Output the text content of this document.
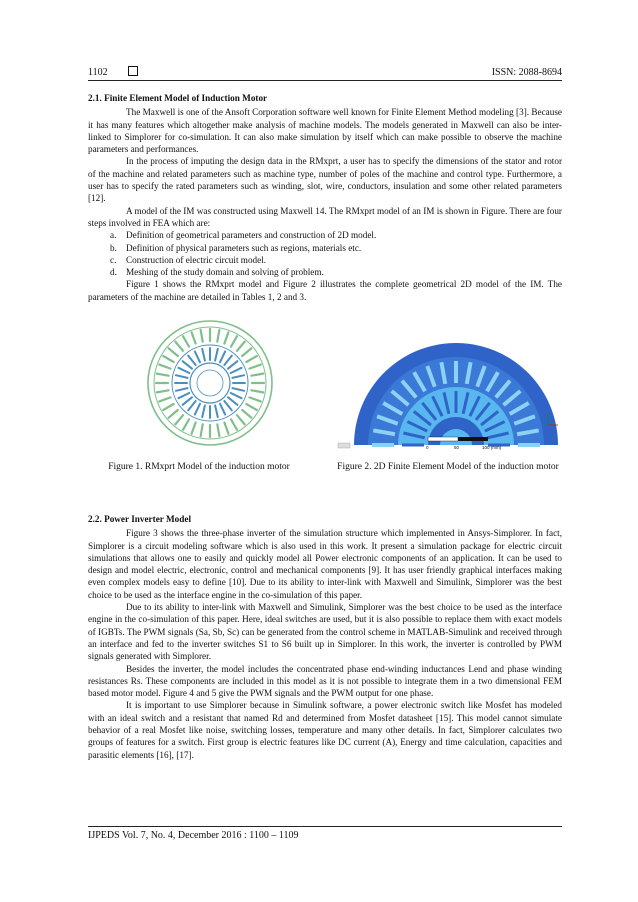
1102	ISSN: 2088-8694
2.1. Finite Element Model of Induction Motor

The Maxwell is one of the Ansoft Corporation software well known for Finite Element Method modeling [3]. Because it has many features which altogether make analysis of machine models. The models generated in Maxwell can also be inter-linked to Simplorer for co-simulation. It can also make simulation by itself which can make possible to observe the machine parameters and performances.

In the process of imputing the design data in the RMxprt, a user has to specify the dimensions of the stator and rotor of the machine and related parameters such as machine type, number of poles of the machine and control type. Furthermore, a user has to specify the rated parameters such as winding, slot, wire, conductors, insulation and some other related parameters [12].

A model of the IM was constructed using Maxwell 14. The RMxprt model of an IM is shown in Figure. There are four steps involved in FEA which are:

a. Definition of geometrical parameters and construction of 2D model.
b. Definition of physical parameters such as regions, materials etc.
c. Construction of electric circuit model.
d. Meshing of the study domain and solving of problem.

Figure 1 shows the RMxprt model and Figure 2 illustrates the complete geometrical 2D model of the IM. The parameters of the machine are detailed in Tables 1, 2 and 3.

0	50	100 (mm)
Figure 1. RMxprt Model of the induction motor	Figure 2. 2D Finite Element Model of the induction motor
2.2. Power Inverter Model

Figure 3 shows the three-phase inverter of the simulation structure which implemented in Ansys-Simplorer. In fact, Simplorer is a circuit modeling software which is also used in this work. It present a simulation package for electric circuit simulations that allows one to easily and quickly model all Power electronic components of an application. It can be used to design and model electric, electronic, control and mechanical components [9]. It has user friendly graphical interfaces making even complex models easy to define [10]. Due to its ability to inter-link with Maxwell and Simulink, Simplorer was the best choice to be used as the interface engine in the co-simulation of this paper.

Due to its ability to inter-link with Maxwell and Simulink, Simplorer was the best choice to be used as the interface engine in the co-simulation of this paper. Here, ideal switches are used, but it is also possible to replace them with exact models of IGBTs. The PWM signals (Sa, Sb, Sc) can be generated from the control scheme in MATLAB-Simulink and received through an interface and fed to the inverter switches S1 to S6 built up in Simplorer. In this work, the inverter is controlled by PWM signals generated with Simplorer.

Besides the inverter, the model includes the concentrated phase end-winding inductances Lend and phase winding resistances Rs. These components are included in this model as it is not possible to integrate them in a two dimensional FEM based motor model. Figure 4 and 5 give the PWM signals and the PWM output for one phase.

It is important to use Simplorer because in Simulink software, a power electronic switch like Mosfet has modeled with an ideal switch and a resistant that named Rd and determined from Mosfet datasheet [15]. This model cannot simulate behavior of a real Mosfet like noise, switching losses, temperature and many other details. In fact, Simplorer calculates two groups of features for a switch. First group is electric features like DC current (A), Energy and time calculation, capacities and parasitic elements [16], [17].

IJPEDS Vol. 7, No. 4, December 2016 : 1100 – 1109
